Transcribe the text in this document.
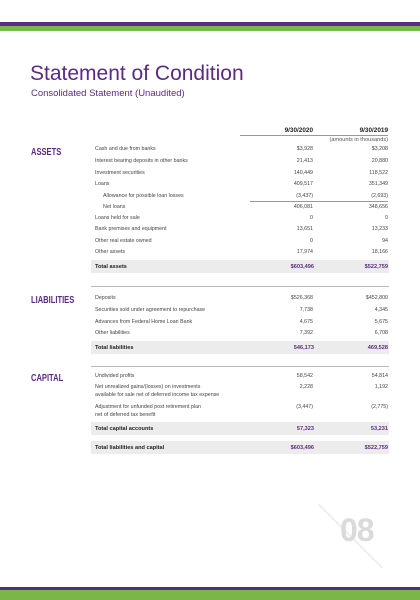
Statement of Condition
Consolidated Statement (Unaudited)
9/30/2020	9/30/2019
(amounts in thousands)
ASSETS	Cash and due from banks	$3,928	$3,208
Interest bearing deposits in other banks	21,413	20,880
Investment securities	140,449	118,522
Loans	409,517	351,349
Allowance for possible loan losses	(3,437)	(2,693)
Net loans	406,081	348,656
Loans held for sale	0	0
Bank premises and equipment	13,651	13,233
Other real estate owned	0	94
Other assets	17,974	18,166
Total assets	$603,496	$522,759
LIABILITIES	Deposits	$526,368	$452,800
Securities sold under agreement to repurchase	7,738	4,345
Advances from Federal Home Loan Bank	4,675	5,675
Other liabilities	7,392	6,708
Total liabilities	546,173	469,528
CAPITAL	Undivided profits	58,542	54,814
Net unrealized gains/(losses) on investments
available for sale net of deferred income tax expense
2,228	1,192
Adjustment for unfunded post retirement plan
net of deferred tax benefit
(3,447)	(2,775)
Total capital accounts	57,323	53,231
Total liabilities and capital	$603,496	$522,759
08
